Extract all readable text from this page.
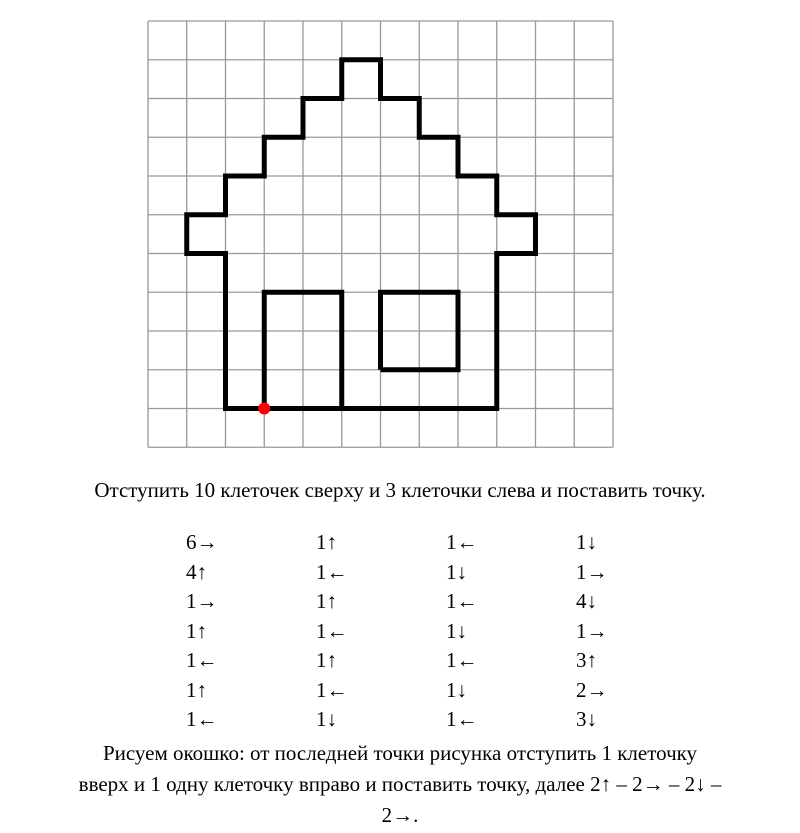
Отступить 10 клеточек сверху и 3 клеточки слева и поставить точку.

6→	1↑	1←	1↓
4↑	1←	1↓	1→
1→	1↑	1←	4↓
1↑	1←	1↓	1→
1←	1↑	1←	3↑
1↑	1←	1↓	2→
1←	1↓	1←	3↓
Рисуем окошко: от последней точки рисунка отступить 1 клеточку
вверх и 1 одну клеточку вправо и поставить точку, далее 2↑ – 2→ – 2↓ –
2→.
